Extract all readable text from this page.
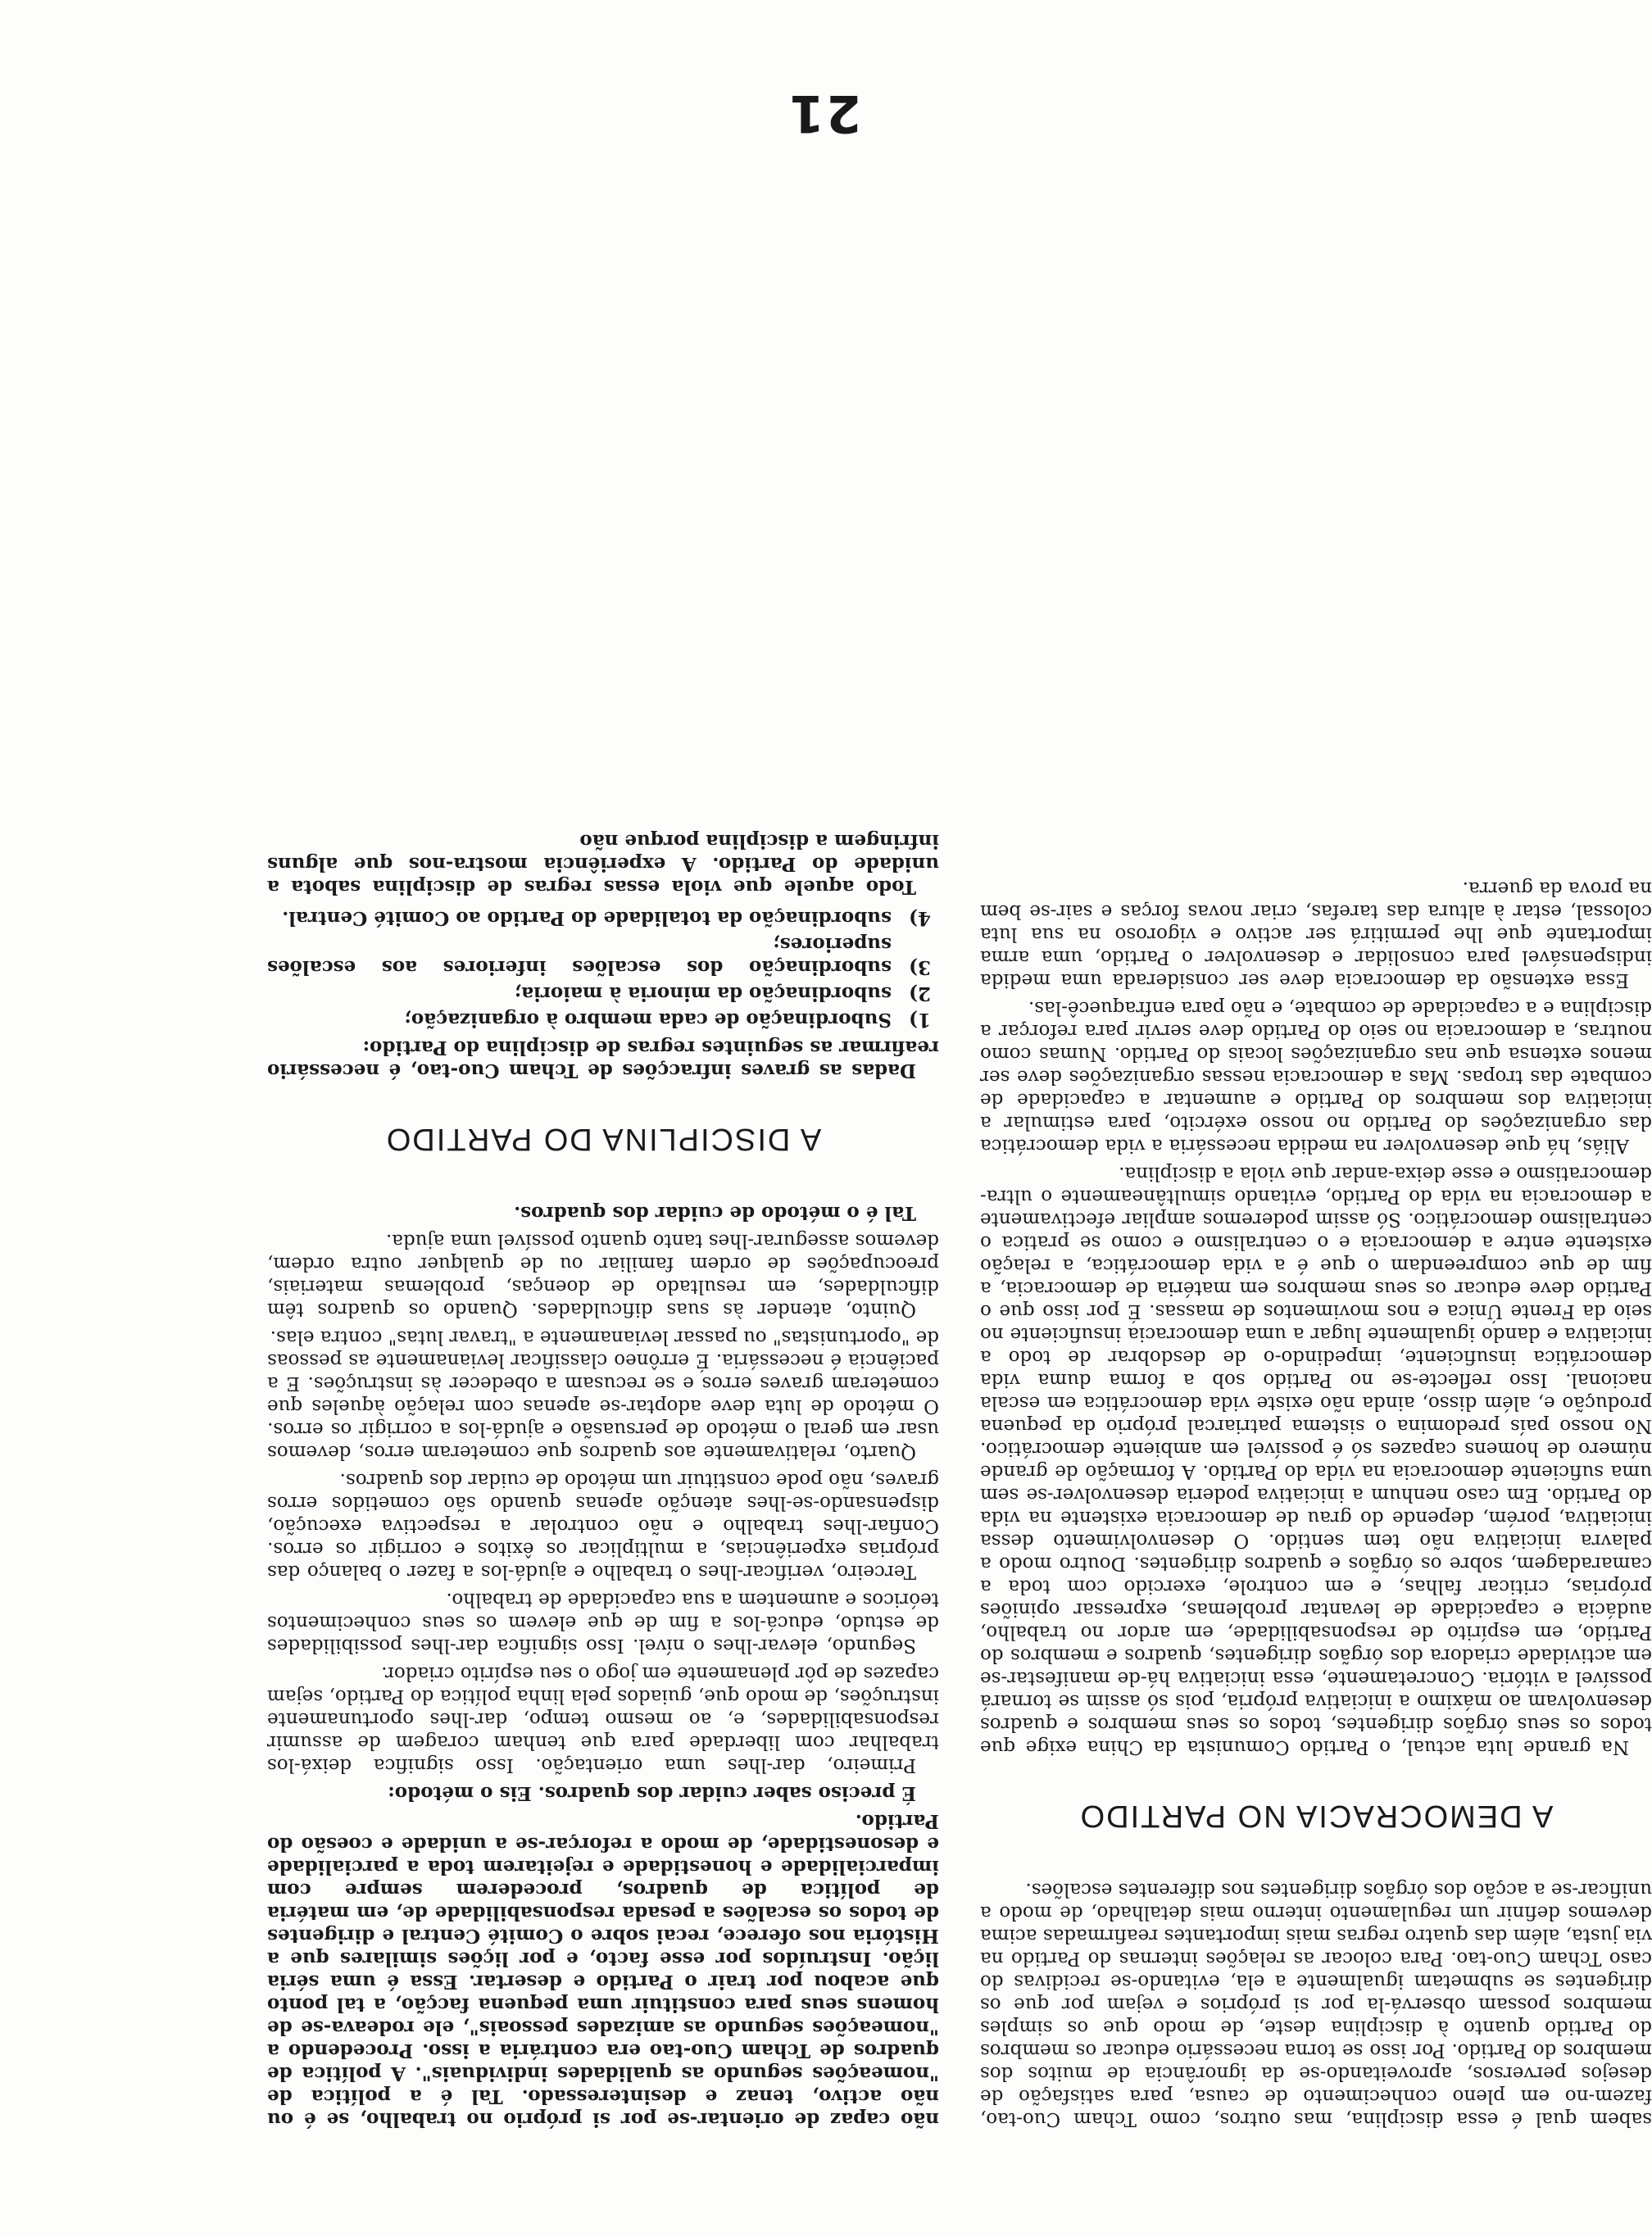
não capaz de orientar-se por si próprio no trabalho, se é ou não activo, tenaz e desinteressado. Tal é a política de "nomeações segundo as qualidades individuais". A política de quadros de Tcham Cuo-tao era contrária a isso. Procedendo a "nomeações segundo as amizades pessoais", ele rodeava-se de homens seus para constituir uma pequena facção, a tal ponto que acabou por trair o Partido e desertar. Essa é uma séria lição. Instruídos por esse facto, e por lições similares que a História nos oferece, recai sobre o Comité Central e dirigentes de todos os escalões a pesada responsabilidade de, em matéria de política de quadros, procederem sempre com imparcialidade e honestidade e rejeitarem toda a parcialidade e desonestidade, de modo a reforçar-se a unidade e coesão do Partido.

É preciso saber cuidar dos quadros. Eis o método:

Primeiro, dar-lhes uma orientação. Isso significa deixá-los trabalhar com liberdade para que tenham coragem de assumir responsabilidades, e, ao mesmo tempo, dar-lhes oportunamente instruções, de modo que, guiados pela linha política do Partido, sejam capazes de pôr plenamente em jogo o seu espírito criador.

Segundo, elevar-lhes o nível. Isso significa dar-lhes possibilidades de estudo, educá-los a fim de que elevem os seus conhecimentos teóricos e aumentem a sua capacidade de trabalho.

Terceiro, verificar-lhes o trabalho e ajudá-los a fazer o balanço das próprias experiências, a multiplicar os êxitos e corrigir os erros. Confiar-lhes trabalho e não controlar a respectiva execução, dispensando-se-lhes atenção apenas quando são cometidos erros graves, não pode constituir um método de cuidar dos quadros.

Quarto, relativamente aos quadros que cometeram erros, devemos usar em geral o método de persuasão e ajudá-los a corrigir os erros. O método de luta deve adoptar-se apenas com relação àqueles que cometeram graves erros e se recusam a obedecer às instruções. E a paciência é necessária. É errôneo classificar levianamente as pessoas de "oportunistas" ou passar levianamente a "travar lutas" contra elas.

Quinto, atender às suas dificuldades. Quando os quadros têm dificuldades, em resultado de doenças, problemas materiais, preocupações de ordem familiar ou de qualquer outra ordem, devemos assegurar-lhes tanto quanto possível uma ajuda.

Tal é o método de cuidar dos quadros.

A DISCIPLINA DO PARTIDO

Dadas as graves infracções de Tcham Cuo-tao, é necessário reafirmar as seguintes regras de disciplina do Partido:

1)
Subordinação de cada membro à organização;
2)
subordinação da minoria à maioria;
3)
subordinação dos escalões inferiores aos escalões superiores;
4)
subordinação da totalidade do Partido ao Comité Central.

Todo aquele que viola essas regras de disciplina sabota a unidade do Partido. A experiência mostra-nos que alguns infringem a disciplina porque não

sabem qual é essa disciplina, mas outros, como Tcham Cuo-tao, fazem-no em pleno conhecimento de causa, para satisfação de desejos perversos, aproveitando-se da ignorância de muitos dos membros do Partido. Por isso se torna necessário educar os membros do Partido quanto à disciplina deste, de modo que os simples membros possam observá-la por si próprios e vejam por que os dirigentes se submetam igualmente a ela, evitando-se recidivas do caso Tcham Cuo-tao. Para colocar as relações internas do Partido na via justa, além das quatro regras mais importantes reafirmadas acima devemos definir um regulamento interno mais detalhado, de modo a unificar-se a acção dos órgãos dirigentes nos diferentes escalões.

A DEMOCRACIA NO PARTIDO

Na grande luta actual, o Partido Comunista da China exige que todos os seus órgãos dirigentes, todos os seus membros e quadros desenvolvam ao máximo a iniciativa própria, pois só assim se tornará possível a vitória. Concretamente, essa iniciativa há-de manifestar-se em actividade criadora dos órgãos dirigentes, quadros e membros do Partido, em espírito de responsabilidade, em ardor no trabalho, audácia e capacidade de levantar problemas, expressar opiniões próprias, criticar falhas, e em controle, exercido com toda a camaradagem, sobre os órgãos e quadros dirigentes. Doutro modo a palavra iniciativa não tem sentido. O desenvolvimento dessa iniciativa, porém, depende do grau de democracia existente na vida do Partido. Em caso nenhum a iniciativa poderia desenvolver-se sem uma suficiente democracia na vida do Partido. A formação de grande número de homens capazes só é possível em ambiente democrático. No nosso país predomina o sistema patriarcal próprio da pequena produção e, além disso, ainda não existe vida democrática em escala nacional. Isso reflecte-se no Partido sob a forma duma vida democrática insuficiente, impedindo-o de desdobrar de todo a iniciativa e dando igualmente lugar a uma democracia insuficiente no seio da Frente Única e nos movimentos de massas. É por isso que o Partido deve educar os seus membros em matéria de democracia, a fim de que compreendam o que é a vida democrática, a relação existente entre a democracia e o centralismo e como se pratica o centralismo democrático. Só assim poderemos ampliar efectivamente a democracia na vida do Partido, evitando simultâneamente o ultra-democratismo e esse deixa-andar que viola a disciplina.

Aliás, há que desenvolver na medida necessária a vida democrática das organizações do Partido no nosso exército, para estimular a iniciativa dos membros do Partido e aumentar a capacidade de combate das tropas. Mas a democracia nessas organizações deve ser menos extensa que nas organizações locais do Partido. Numas como noutras, a democracia no seio do Partido deve servir para reforçar a disciplina e a capacidade de combate, e não para enfraquecê-las.

Essa extensão da democracia deve ser considerada uma medida indispensável para consolidar e desenvolver o Partido, uma arma importante que lhe permitirá ser activo e vigoroso na sua luta colossal, estar à altura das tarefas, criar novas forças e sair-se bem na prova da guerra.

21
